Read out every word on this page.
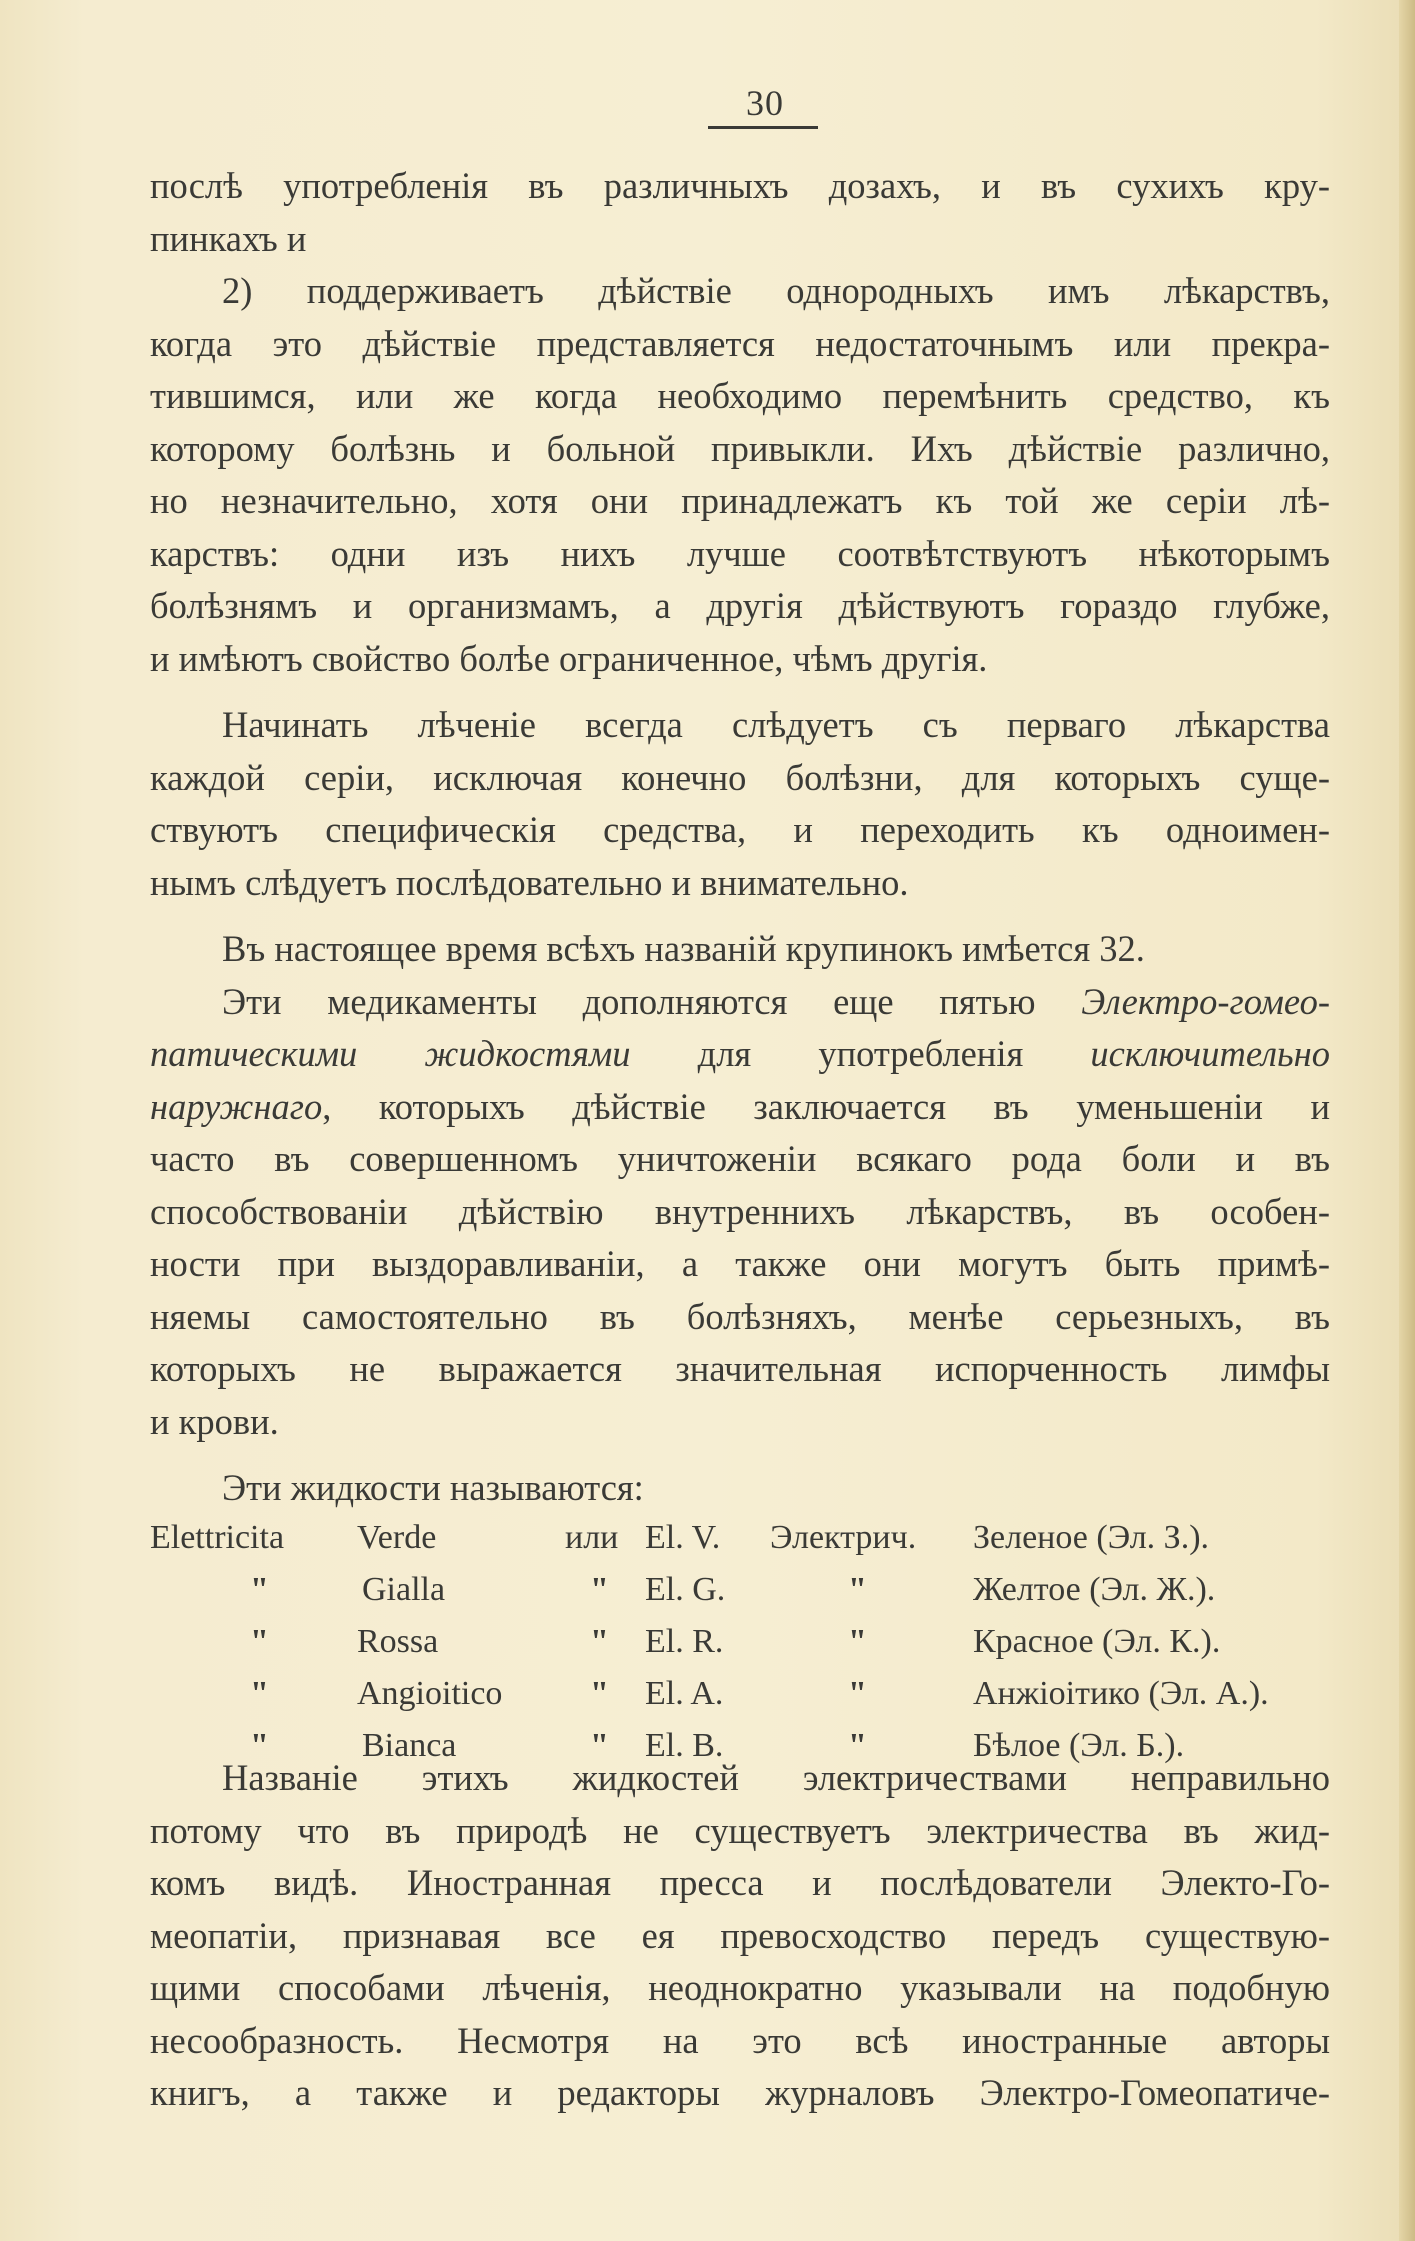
30
послѣ употребленія въ различныхъ дозахъ, и въ сухихъ кру-
пинкахъ и
2) поддерживаетъ дѣйствіе однородныхъ имъ лѣкарствъ,
когда это дѣйствіе представляется недостаточнымъ или прекра-
тившимся, или же когда необходимо перемѣнить средство, къ
которому болѣзнь и больной привыкли. Ихъ дѣйствіе различно,
но незначительно, хотя они принадлежатъ къ той же серіи лѣ-
карствъ: одни изъ нихъ лучше соотвѣтствуютъ нѣкоторымъ
болѣзнямъ и организмамъ, а другія дѣйствуютъ гораздо глубже,
и имѣютъ свойство болѣе ограниченное, чѣмъ другія.
Начинать лѣченіе всегда слѣдуетъ съ перваго лѣкарства
каждой серіи, исключая конечно болѣзни, для которыхъ суще-
ствуютъ специфическія средства, и переходить къ одноимен-
нымъ слѣдуетъ послѣдовательно и внимательно.
Въ настоящее время всѣхъ названій крупинокъ имѣется 32.
Эти медикаменты дополняются еще пятью Электро-гомео-
патическими жидкостями для употребленія исключительно
наружнаго, которыхъ дѣйствіе заключается въ уменьшеніи и
часто въ совершенномъ уничтоженіи всякаго рода боли и въ
способствованіи дѣйствію внутреннихъ лѣкарствъ, въ особен-
ности при выздоравливаніи, а также они могутъ быть примѣ-
няемы самостоятельно въ болѣзняхъ, менѣе серьезныхъ, въ
которыхъ не выражается значительная испорченность лимфы
и крови.
Эти жидкости называются:
Elettricita Verde	или El. V. Электрич. Зеленое (Эл. З.).
"	Gialla	" El. G.	"	Желтое (Эл. Ж.).
"	Rossa	" El. R.	"	Красное (Эл. К.).
"	Angioitico	" El. A.	"	Анжіоітико (Эл. А.).
"	Bianca	" El. B.	"	Бѣлое (Эл. Б.).
Названіе этихъ жидкостей электричествами неправильно
потому что въ природѣ не существуетъ электричества въ жид-
комъ видѣ. Иностранная пресса и послѣдователи Электо-Го-
меопатіи, признавая все ея превосходство передъ существую-
щими способами лѣченія, неоднократно указывали на подобную
несообразность. Несмотря на это всѣ иностранные авторы
книгъ, а также и редакторы журналовъ Электро-Гомеопатиче-
